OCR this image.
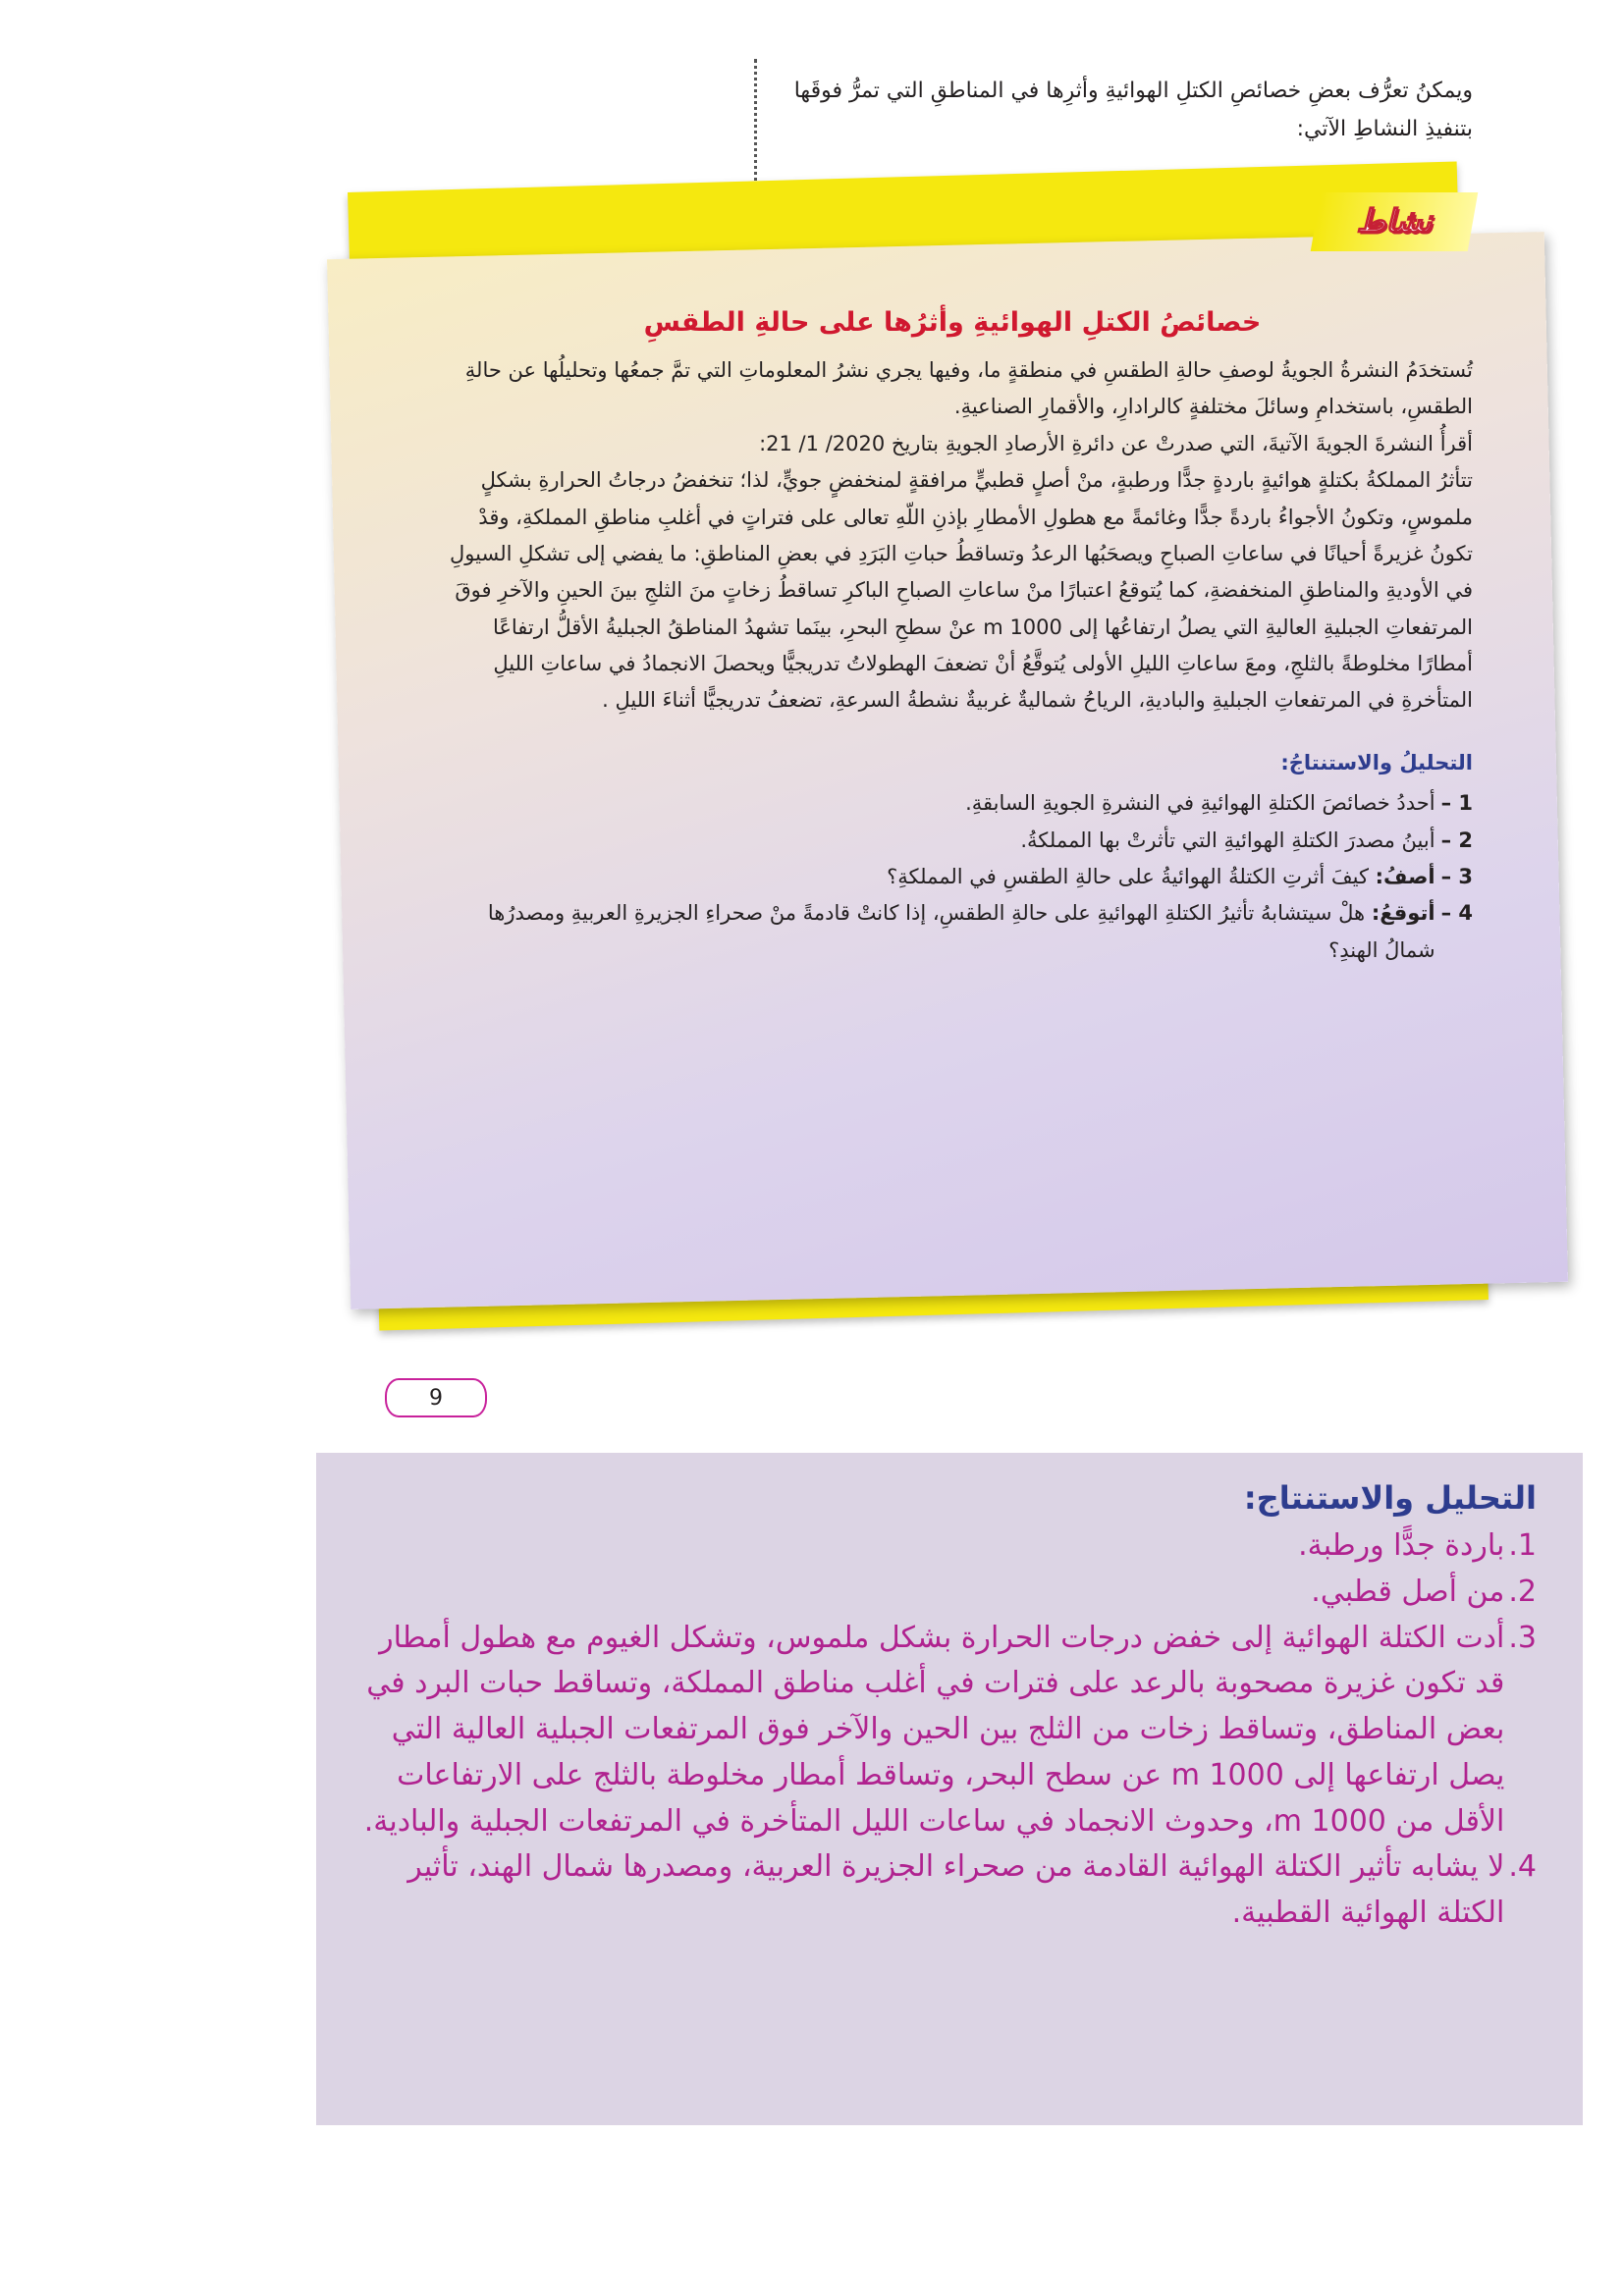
ويمكنُ تعرُّف بعضِ خصائصِ الكتلِ الهوائيةِ وأثرِها في المناطقِ التي تمرُّ فوقَها بتنفيذِ النشاطِ الآتي:

نشاط
خصائصُ الكتلِ الهوائيةِ وأثرُها على حالةِ الطقسِ

تُستخدَمُ النشرةُ الجويةُ لوصفِ حالةِ الطقسِ في منطقةٍ ما، وفيها يجري نشرُ المعلوماتِ التي تمَّ جمعُها وتحليلُها عن حالةِ الطقسِ، باستخدامِ وسائلَ مختلفةٍ كالرادارِ، والأقمارِ الصناعيةِ.

أقرأُ النشرةَ الجويةَ الآتيةَ، التي صدرتْ عن دائرةِ الأرصادِ الجويةِ بتاريخ 2020/ 1/ 21:

تتأثرُ المملكةُ بكتلةٍ هوائيةٍ باردةٍ جدًّا ورطبةٍ، منْ أصلٍ قطبيٍّ مرافقةٍ لمنخفضٍ جويٍّ، لذا؛ تنخفضُ درجاتُ الحرارةِ بشكلٍ ملموسٍ، وتكونُ الأجواءُ باردةً جدًّا وغائمةً مع هطولِ الأمطارِ بإذنِ اللّهِ تعالى على فتراتٍ في أغلبِ مناطقِ المملكةِ، وقدْ تكونُ غزيرةً أحيانًا في ساعاتِ الصباحِ ويصحَبُها الرعدُ وتساقطُ حباتِ البَرَدِ في بعضِ المناطقِ: ما يفضي إلى تشكلِ السيولِ في الأوديةِ والمناطقِ المنخفضةِ، كما يُتوقعُ اعتبارًا منْ ساعاتِ الصباحِ الباكرِ تساقطُ زخاتٍ منَ الثلجِ بينَ الحينِ والآخرِ فوقَ المرتفعاتِ الجبليةِ العاليةِ التي يصلُ ارتفاعُها إلى 1000 m عنْ سطحِ البحرِ، بينَما تشهدُ المناطقُ الجبليةُ الأقلُّ ارتفاعًا أمطارًا مخلوطةً بالثلجِ، ومعَ ساعاتِ الليلِ الأولى يُتوقَّعُ أنْ تضعفَ الهطولاتُ تدريجيًّا ويحصلَ الانجمادُ في ساعاتِ الليلِ المتأخرةِ في المرتفعاتِ الجبليةِ والباديةِ، الرياحُ شماليةٌ غربيةٌ نشطةُ السرعةِ، تضعفُ تدريجيًّا أثناءَ الليلِ .

التحليلُ والاستنتاجُ:
1 –
أحددُ خصائصَ الكتلةِ الهوائيةِ في النشرةِ الجويةِ السابقةِ.
2 –
أبينُ مصدرَ الكتلةِ الهوائيةِ التي تأثرتْ بها المملكةُ.
3 –
أصفُ: كيفَ أثرتِ الكتلةُ الهوائيةُ على حالةِ الطقسِ في المملكةِ؟
4 –
أتوقعُ: هلْ سيتشابهُ تأثيرُ الكتلةِ الهوائيةِ على حالةِ الطقسِ، إذا كانتْ قادمةً منْ صحراءِ الجزيرةِ العربيةِ ومصدرُها شمالُ الهندِ؟
9
التحليل والاستنتاج:
1.
باردة جدًّا ورطبة.
2.
من أصل قطبي.
3.
أدت الكتلة الهوائية إلى خفض درجات الحرارة بشكل ملموس، وتشكل الغيوم مع هطول أمطار قد تكون غزيرة مصحوبة بالرعد على فترات في أغلب مناطق المملكة، وتساقط حبات البرد في بعض المناطق، وتساقط زخات من الثلج بين الحين والآخر فوق المرتفعات الجبلية العالية التي يصل ارتفاعها إلى 1000 m عن سطح البحر، وتساقط أمطار مخلوطة بالثلج على الارتفاعات الأقل من 1000 m، وحدوث الانجماد في ساعات الليل المتأخرة في المرتفعات الجبلية والبادية.
4.
لا يشابه تأثير الكتلة الهوائية القادمة من صحراء الجزيرة العربية، ومصدرها شمال الهند، تأثير الكتلة الهوائية القطبية.
